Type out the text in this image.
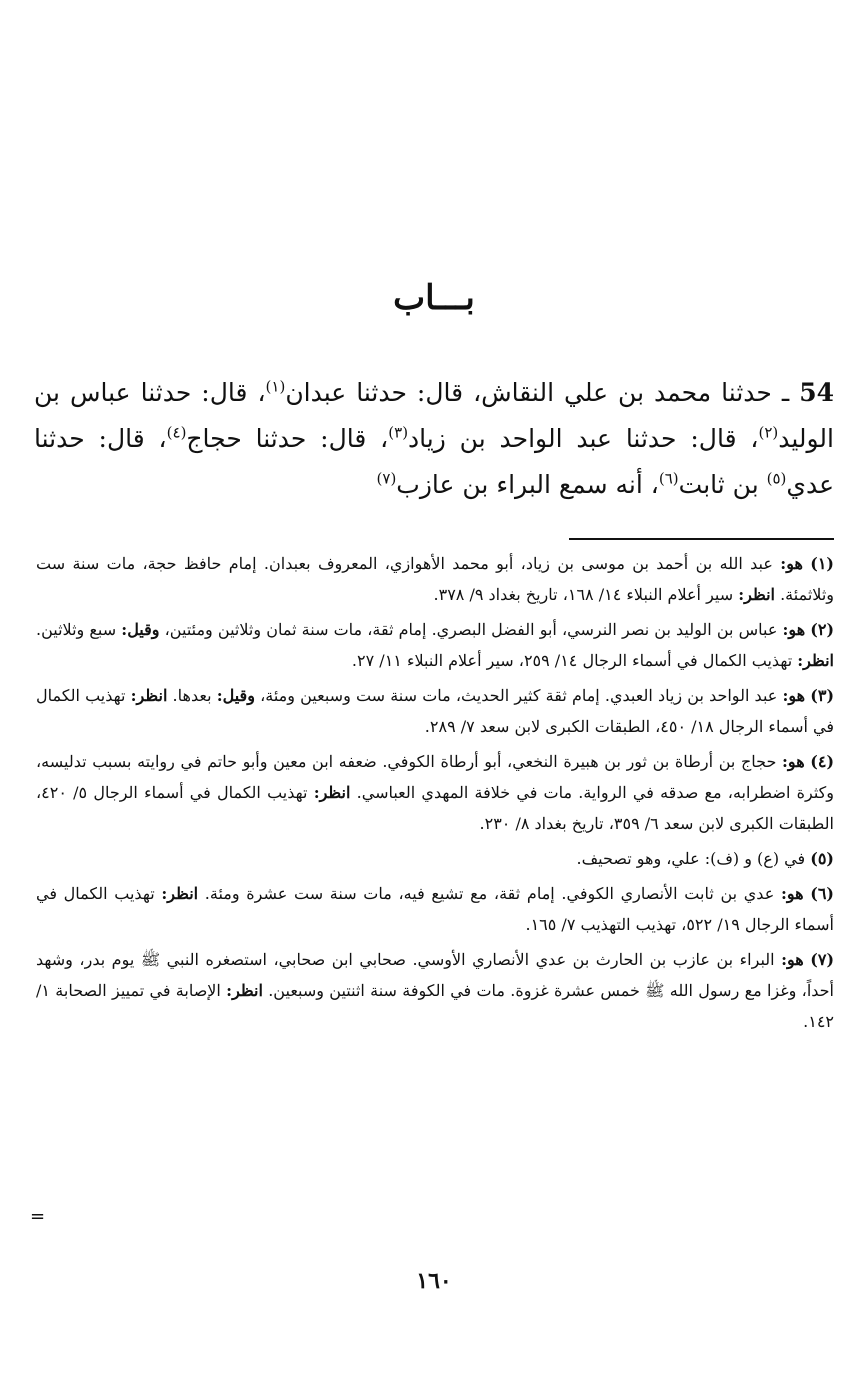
بـــاب

54 ـ حدثنا محمد بن علي النقاش، قال: حدثنا عبدان$^{(١)}$، قال: حدثنا عباس بن الوليد$^{(٢)}$، قال: حدثنا عبد الواحد بن زياد$^{(٣)}$، قال: حدثنا حجاج$^{(٤)}$، قال: حدثنا عدي$^{(٥)}$ بن ثابت$^{(٦)}$، أنه سمع البراء بن عازب$^{(٧)}$

(١) هو: عبد الله بن أحمد بن موسى بن زياد، أبو محمد الأهوازي، المعروف بعبدان. إمام حافظ حجة، مات سنة ست وثلاثمئة. انظر: سير أعلام النبلاء ١٤/ ١٦٨، تاريخ بغداد ٩/ ٣٧٨.

(٢) هو: عباس بن الوليد بن نصر النرسي، أبو الفضل البصري. إمام ثقة، مات سنة ثمان وثلاثين ومئتين، وقيل: سبع وثلاثين. انظر: تهذيب الكمال في أسماء الرجال ١٤/ ٢٥٩، سير أعلام النبلاء ١١/ ٢٧.

(٣) هو: عبد الواحد بن زياد العبدي. إمام ثقة كثير الحديث، مات سنة ست وسبعين ومئة، وقيل: بعدها. انظر: تهذيب الكمال في أسماء الرجال ١٨/ ٤٥٠، الطبقات الكبرى لابن سعد ٧/ ٢٨٩.

(٤) هو: حجاج بن أرطاة بن ثور بن هبيرة النخعي، أبو أرطاة الكوفي. ضعفه ابن معين وأبو حاتم في روايته بسبب تدليسه، وكثرة اضطرابه، مع صدقه في الرواية. مات في خلافة المهدي العباسي. انظر: تهذيب الكمال في أسماء الرجال ٥/ ٤٢٠، الطبقات الكبرى لابن سعد ٦/ ٣٥٩، تاريخ بغداد ٨/ ٢٣٠.

(٥) في (ع) و (ف): علي، وهو تصحيف.

(٦) هو: عدي بن ثابت الأنصاري الكوفي. إمام ثقة، مع تشيع فيه، مات سنة ست عشرة ومئة. انظر: تهذيب الكمال في أسماء الرجال ١٩/ ٥٢٢، تهذيب التهذيب ٧/ ١٦٥.

(٧) هو: البراء بن عازب بن الحارث بن عدي الأنصاري الأوسي. صحابي ابن صحابي، استصغره النبي ﷺ يوم بدر، وشهد أحداً، وغزا مع رسول الله ﷺ خمس عشرة غزوة. مات في الكوفة سنة اثنتين وسبعين. انظر: الإصابة في تمييز الصحابة ١/ ١٤٢.

=
١٦٠
